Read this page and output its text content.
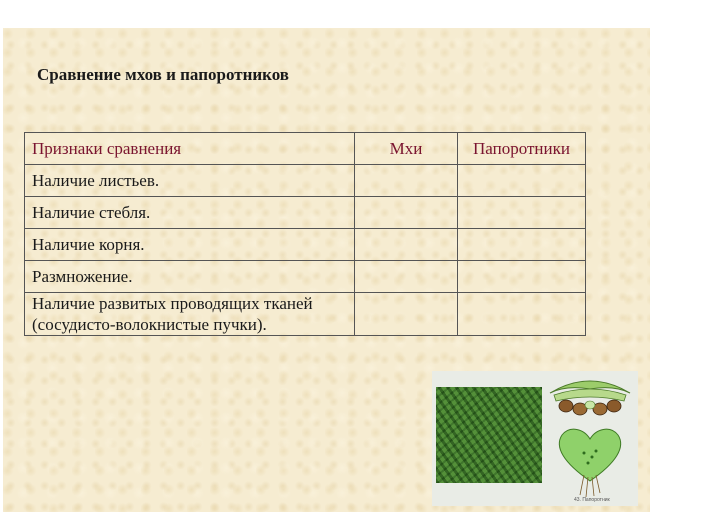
Сравнение мхов и папоротников
Признаки сравнения	Мхи	Папоротники
Наличие листьев.		
Наличие стебля.		
Наличие корня.		
Размножение.		
Наличие развитых проводящих тканей (сосудисто-волокнистые пучки).		
43. Папоротник
